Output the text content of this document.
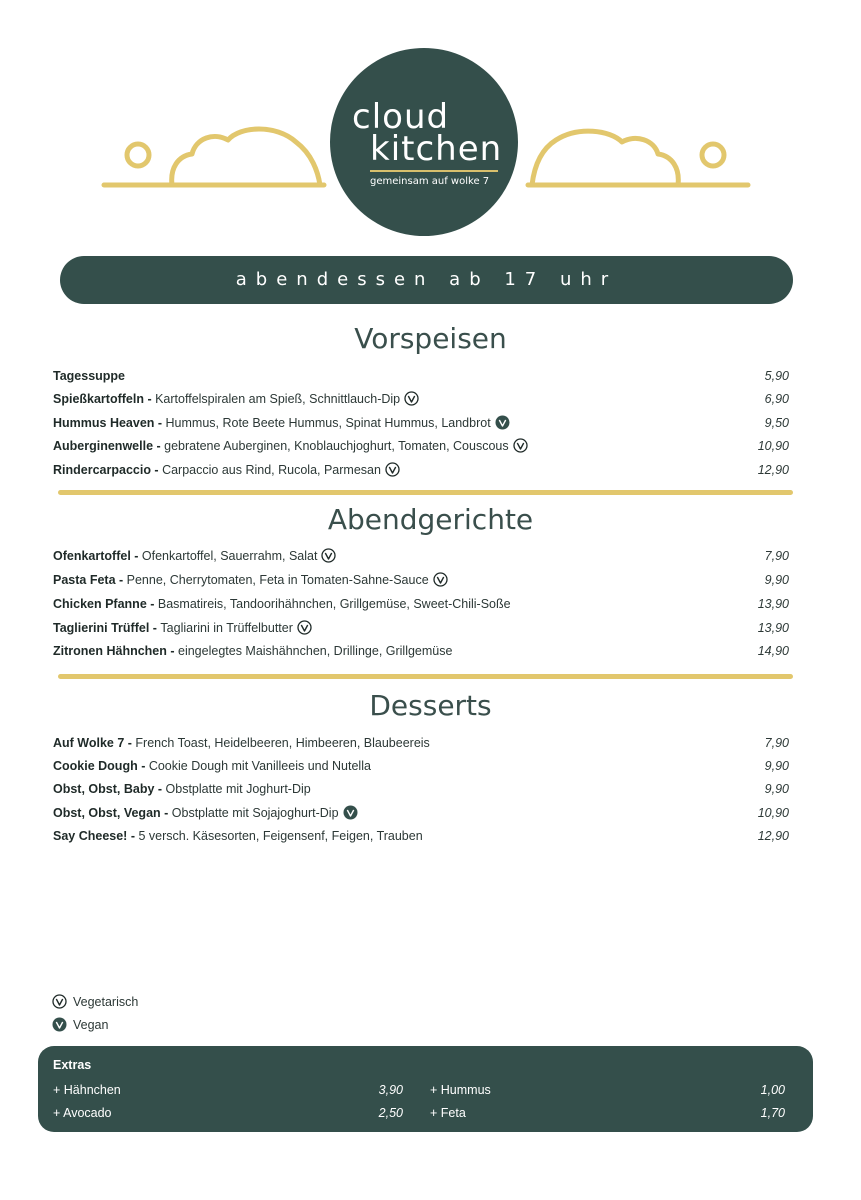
cloud
kitchen
gemeinsam auf wolke 7
abendessen ab 17 uhr
Vorspeisen
Tagessuppe	5,90
Spießkartoffeln - Kartoffelspiralen am Spieß, Schnittlauch-Dip	6,90
Hummus Heaven - Hummus, Rote Beete Hummus, Spinat Hummus, Landbrot	9,50
Auberginenwelle - gebratene Auberginen, Knoblauchjoghurt, Tomaten, Couscous	10,90
Rindercarpaccio - Carpaccio aus Rind, Rucola, Parmesan	12,90
Abendgerichte
Ofenkartoffel - Ofenkartoffel, Sauerrahm, Salat	7,90
Pasta Feta - Penne, Cherrytomaten, Feta in Tomaten-Sahne-Sauce	9,90
Chicken Pfanne - Basmatireis, Tandoorihähnchen, Grillgemüse, Sweet-Chili-Soße	13,90
Taglierini Trüffel - Tagliarini in Trüffelbutter	13,90
Zitronen Hähnchen - eingelegtes Maishähnchen, Drillinge, Grillgemüse	14,90
Desserts
Auf Wolke 7 - French Toast, Heidelbeeren, Himbeeren, Blaubeereis	7,90
Cookie Dough - Cookie Dough mit Vanilleeis und Nutella	9,90
Obst, Obst, Baby - Obstplatte mit Joghurt-Dip	9,90
Obst, Obst, Vegan - Obstplatte mit Sojajoghurt-Dip	10,90
Say Cheese! - 5 versch. Käsesorten, Feigensenf, Feigen, Trauben	12,90
Vegetarisch
Vegan
Extras
+ Hähnchen	3,90 + Hummus	1,00
+ Avocado	2,50 + Feta	1,70
